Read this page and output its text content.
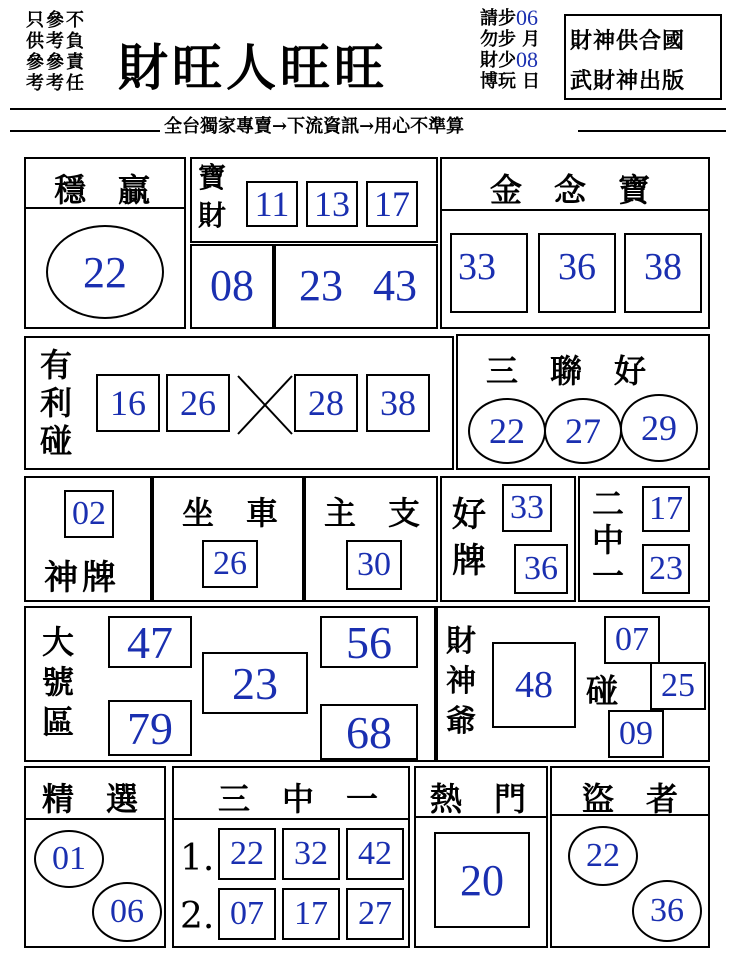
只參不
供考負
參參責
考考任 財旺人旺旺
請 步 06
勿 步 月
財 少 08
博 玩 日
財神供合國
武財神出版
全台獨家專賣→下流資訊→用心不準算
穩　贏
22
寶財 11 13 17
08	23 43
金　念　寶
33	36	38
有利碰
16 26	28	38
三　聯　好
22	27	29
02
神牌
坐　車
26
主　支
30
好牌
33
36
二中一
17
23
大號區
47
79
23
56
68
財神爺
48	碰
07
25
09
精　選
01
06
三　中　一
1. 22 32 42
2. 07 17 27
熱　門
20
盜　者
22
36
